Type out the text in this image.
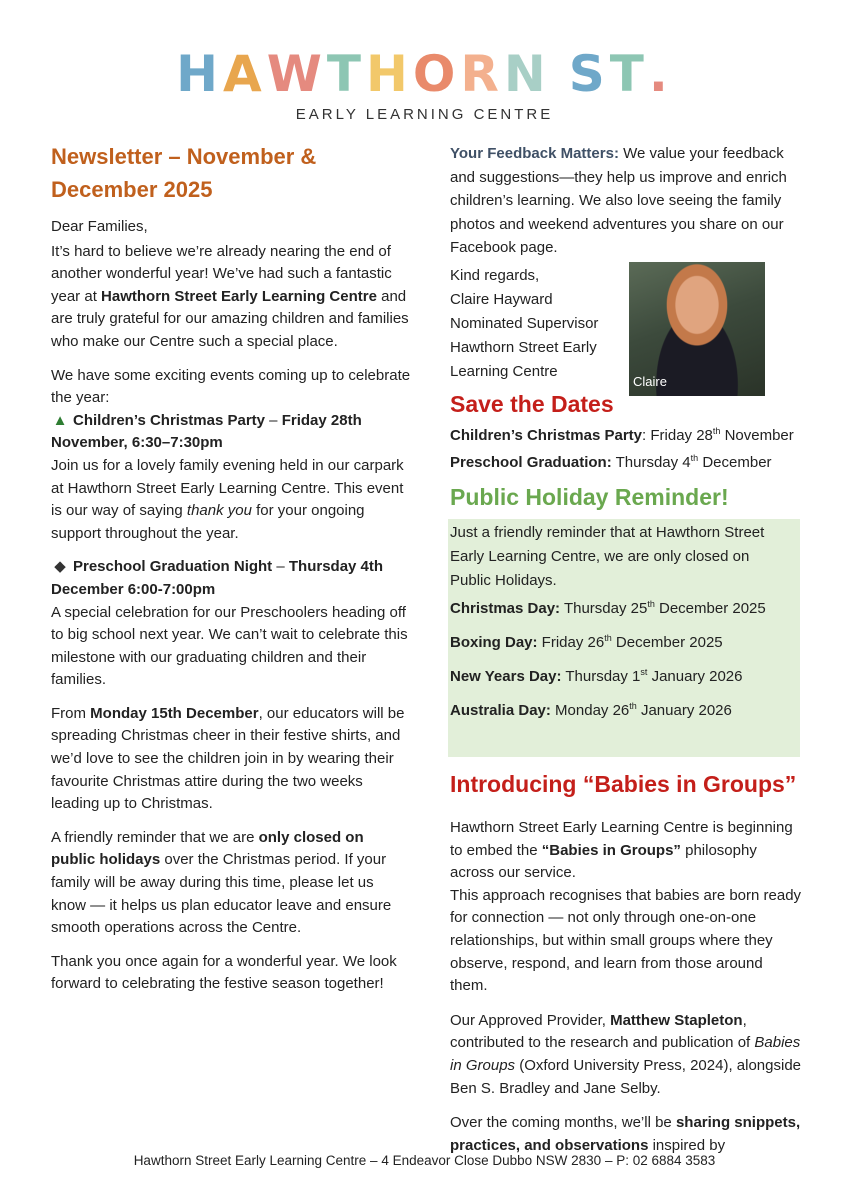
HAWTHORN ST.
EARLY LEARNING CENTRE
Newsletter – November & December 2025

Dear Families,

It’s hard to believe we’re already nearing the end of another wonderful year! We’ve had such a fantastic year at Hawthorn Street Early Learning Centre and are truly grateful for our amazing children and families who make our Centre such a special place.

We have some exciting events coming up to celebrate the year:
▲ Children’s Christmas Party – Friday 28th November, 6:30–7:30pm
Join us for a lovely family evening held in our carpark at Hawthorn Street Early Learning Centre. This event is our way of saying thank you for your ongoing support throughout the year.

◆ Preschool Graduation Night – Thursday 4th December 6:00-7:00pm
A special celebration for our Preschoolers heading off to big school next year. We can’t wait to celebrate this milestone with our graduating children and their families.

From Monday 15th December, our educators will be spreading Christmas cheer in their festive shirts, and we’d love to see the children join in by wearing their favourite Christmas attire during the two weeks leading up to Christmas.

A friendly reminder that we are only closed on public holidays over the Christmas period. If your family will be away during this time, please let us know — it helps us plan educator leave and ensure smooth operations across the Centre.

Thank you once again for a wonderful year. We look forward to celebrating the festive season together!

Your Feedback Matters: We value your feedback and suggestions—they help us improve and enrich children’s learning. We also love seeing the family photos and weekend adventures you share on our Facebook page.

Kind regards,
Claire Hayward
Nominated Supervisor
Hawthorn Street Early
Learning Centre
Claire
Save the Dates
Children’s Christmas Party: Friday 28th November
Preschool Graduation: Thursday 4th December
Public Holiday Reminder!

Just a friendly reminder that at Hawthorn Street Early Learning Centre, we are only closed on Public Holidays.

Christmas Day: Thursday 25th December 2025

Boxing Day: Friday 26th December 2025

New Years Day: Thursday 1st January 2026

Australia Day: Monday 26th January 2026

Introducing “Babies in Groups”

Hawthorn Street Early Learning Centre is beginning to embed the “Babies in Groups” philosophy across our service.
This approach recognises that babies are born ready for connection — not only through one-on-one relationships, but within small groups where they observe, respond, and learn from those around them.

Our Approved Provider, Matthew Stapleton, contributed to the research and publication of Babies in Groups (Oxford University Press, 2024), alongside Ben S. Bradley and Jane Selby.

Over the coming months, we’ll be sharing snippets, practices, and observations inspired by

Hawthorn Street Early Learning Centre – 4 Endeavor Close Dubbo NSW 2830 – P: 02 6884 3583
